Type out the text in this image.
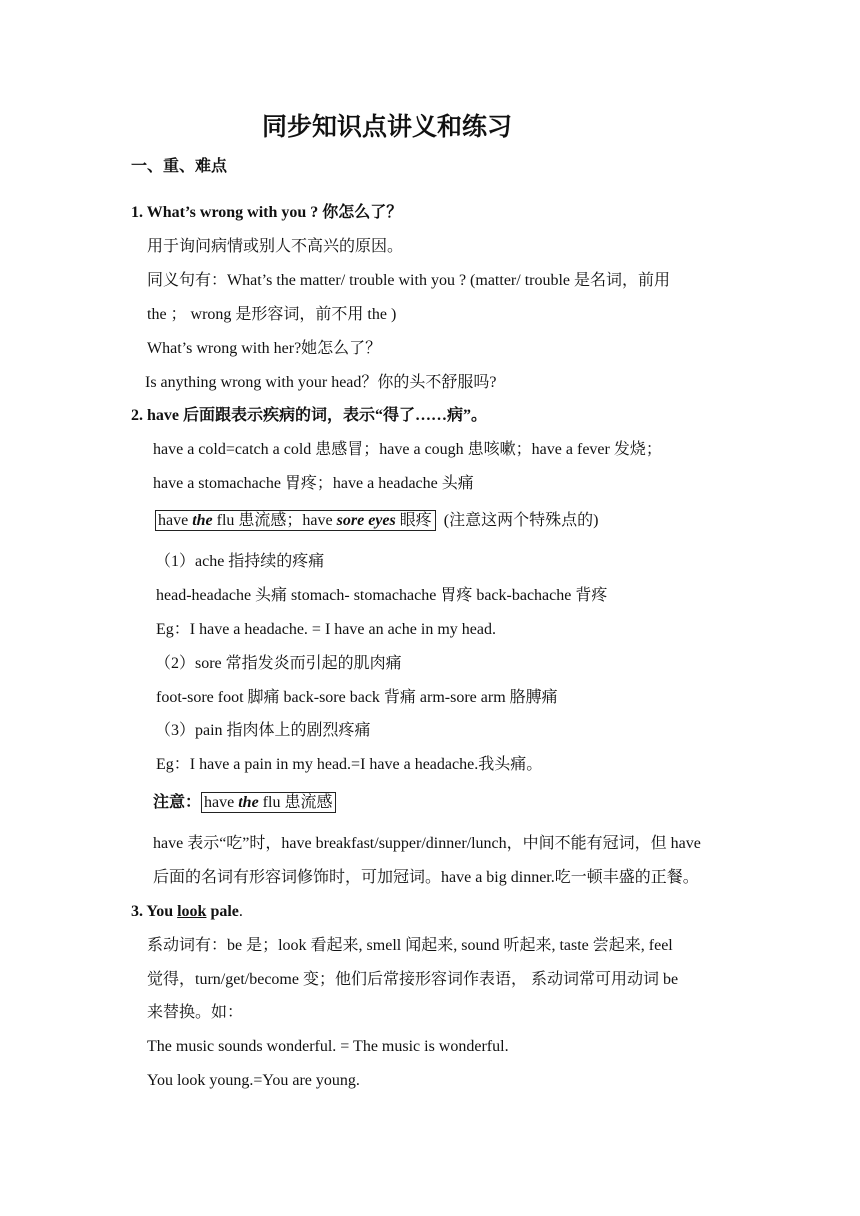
同步知识点讲义和练习
一、重、难点
1. What’s wrong with you ? 你怎么了？
用于询问病情或别人不高兴的原因。
同义句有：What’s the matter/ trouble with you ? (matter/ trouble 是名词，前用
the ； wrong 是形容词，前不用 the )
What’s wrong with her?她怎么了？
Is anything wrong with your head？你的头不舒服吗?
2. have 后面跟表示疾病的词，表示“得了……病”。
have a cold=catch a cold 患感冒；have a cough 患咳嗽；have a fever 发烧；
have a stomachache 胃疼；have a headache 头痛
have the flu 患流感；have sore eyes 眼疼 (注意这两个特殊点的)
（1）ache 指持续的疼痛
head-headache 头痛 stomach- stomachache 胃疼 back-bachache 背疼
Eg：I have a headache. = I have an ache in my head.
（2）sore 常指发炎而引起的肌肉痛
foot-sore foot 脚痛 back-sore back 背痛 arm-sore arm 胳膊痛
（3）pain 指肉体上的剧烈疼痛
Eg：I have a pain in my head.=I have a headache.我头痛。
注意： have the flu 患流感
have 表示“吃”时，have breakfast/supper/dinner/lunch，中间不能有冠词，但 have
后面的名词有形容词修饰时，可加冠词。have a big dinner.吃一顿丰盛的正餐。
3. You look pale.
系动词有：be 是；look 看起来, smell 闻起来, sound 听起来, taste 尝起来, feel
觉得，turn/get/become 变；他们后常接形容词作表语， 系动词常可用动词 be
来替换。如：
The music sounds wonderful. = The music is wonderful.
You look young.=You are young.
